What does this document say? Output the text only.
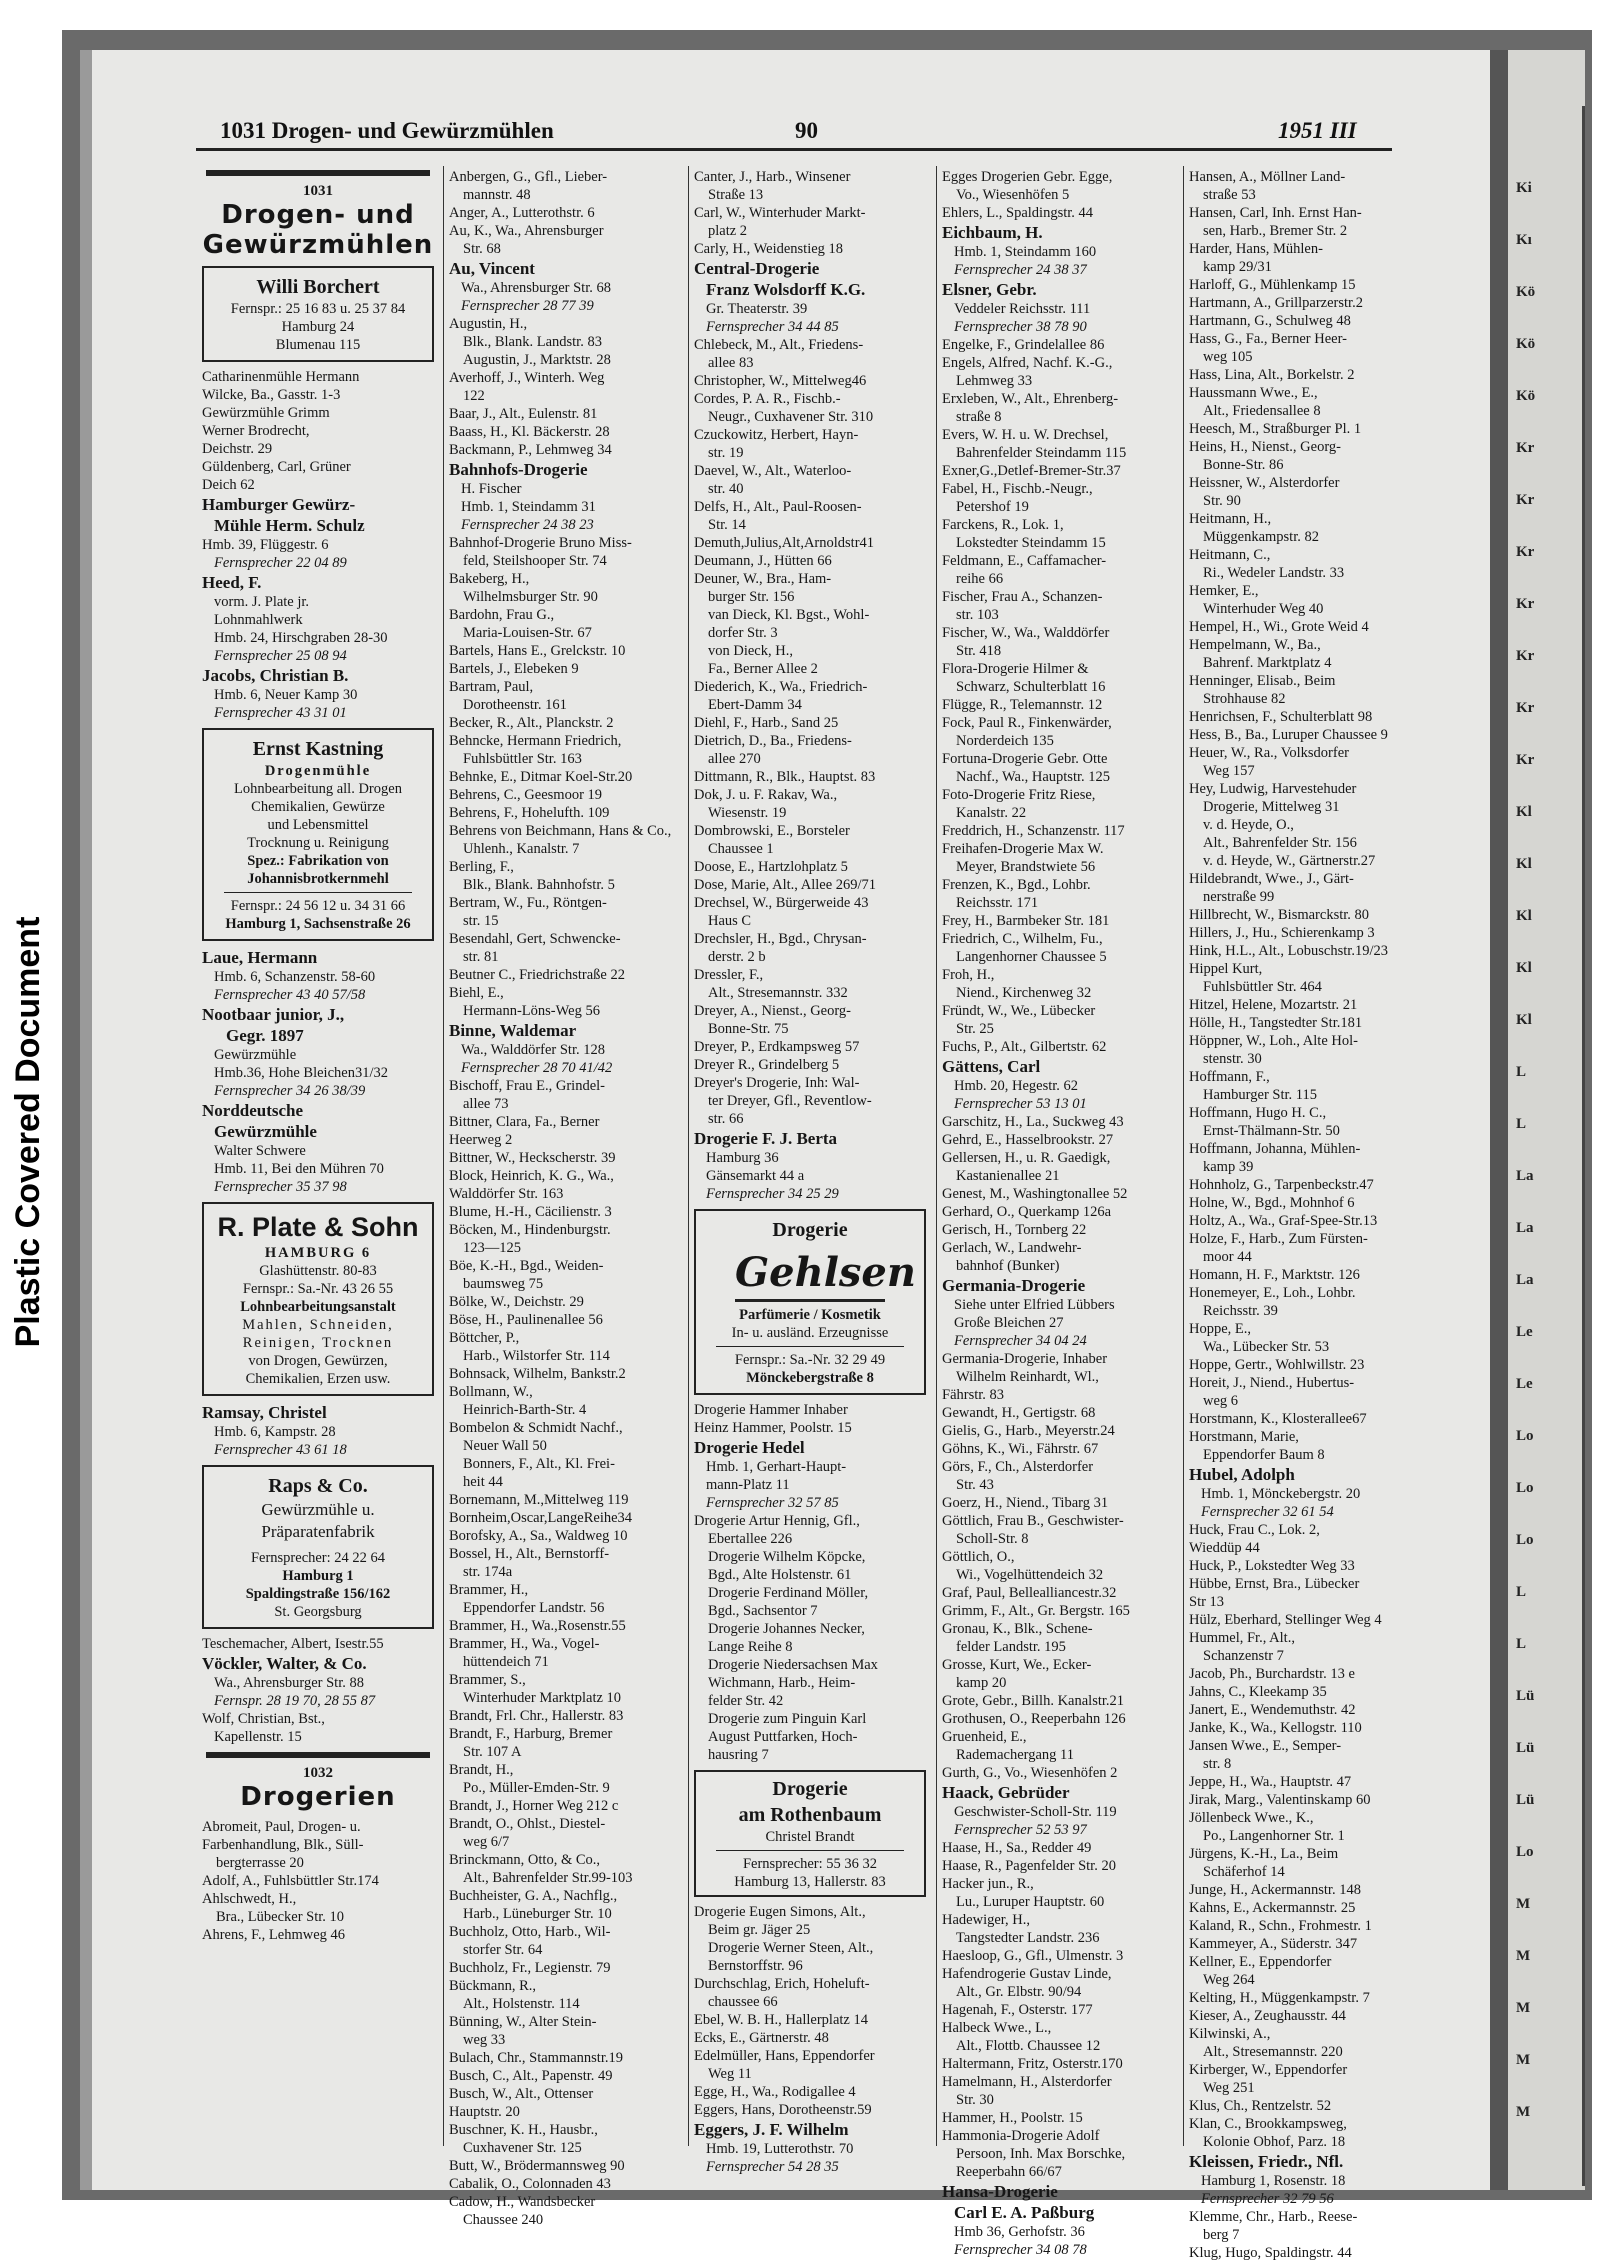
Plastic Covered Document
Ki
Kı
Kö
Kö
Kö
Kr
Kr
Kr
Kr
Kr
Kr
Kr
Kl
Kl
Kl
Kl
Kl
L
L
La
La
La
Le
Le
Lo
Lo
Lo
L
L
Lü
Lü
Lü
Lo
M
M
M
M
M
1031 Drogen- und Gewürzmühlen	90	1951 III
1031
Drogen- und Gewürzmühlen
Willi Borchert
Fernspr.: 25 16 83 u. 25 37 84
Hamburg 24
Blumenau 115
Catharinenmühle Hermann
Wilcke, Ba., Gasstr. 1-3
Gewürzmühle Grimm
Werner Brodrecht,
Deichstr. 29
Güldenberg, Carl, Grüner
Deich 62
Hamburger Gewürz-
Mühle Herm. Schulz
Hmb. 39, Flüggestr. 6
Fernsprecher 22 04 89
Heed, F.
vorm. J. Plate jr.
Lohnmahlwerk
Hmb. 24, Hirschgraben 28-30
Fernsprecher 25 08 94
Jacobs, Christian B.
Hmb. 6, Neuer Kamp 30
Fernsprecher 43 31 01
Ernst Kastning
Drogenmühle
Lohnbearbeitung all. Drogen
Chemikalien, Gewürze
und Lebensmittel
Trocknung u. Reinigung
Spez.: Fabrikation von
Johannisbrotkernmehl
Fernspr.: 24 56 12 u. 34 31 66
Hamburg 1, Sachsenstraße 26
Laue, Hermann
Hmb. 6, Schanzenstr. 58-60
Fernsprecher 43 40 57/58
Nootbaar junior, J.,
Gegr. 1897
Gewürzmühle
Hmb.36, Hohe Bleichen31/32
Fernsprecher 34 26 38/39
Norddeutsche
Gewürzmühle
Walter Schwere
Hmb. 11, Bei den Mühren 70
Fernsprecher 35 37 98
R. Plate & Sohn
HAMBURG 6
Glashüttenstr. 80-83
Fernspr.: Sa.-Nr. 43 26 55
Lohnbearbeitungsanstalt
Mahlen, Schneiden,
Reinigen, Trocknen
von Drogen, Gewürzen,
Chemikalien, Erzen usw.
Ramsay, Christel
Hmb. 6, Kampstr. 28
Fernsprecher 43 61 18
Raps & Co.
Gewürzmühle u.
Präparatenfabrik
Fernsprecher: 24 22 64
Hamburg 1
Spaldingstraße 156/162
St. Georgsburg
Teschemacher, Albert, Isestr.55
Vöckler, Walter, & Co.
Wa., Ahrensburger Str. 88
Fernspr. 28 19 70, 28 55 87
Wolf, Christian, Bst.,
Kapellenstr. 15
1032
Drogerien
Abromeit, Paul, Drogen- u.
Farbenhandlung, Blk., Süll-
bergterrasse 20
Adolf, A., Fuhlsbüttler Str.174
Ahlschwedt, H.,
Bra., Lübecker Str. 10
Ahrens, F., Lehmweg 46
Anbergen, G., Gfl., Lieber-
mannstr. 48
Anger, A., Lutterothstr. 6
Au, K., Wa., Ahrensburger
Str. 68
Au, Vincent
Wa., Ahrensburger Str. 68
Fernsprecher 28 77 39
Augustin, H.,
Blk., Blank. Landstr. 83
Augustin, J., Marktstr. 28
Averhoff, J., Winterh. Weg
122
Baar, J., Alt., Eulenstr. 81
Baass, H., Kl. Bäckerstr. 28
Backmann, P., Lehmweg 34
Bahnhofs-Drogerie
H. Fischer
Hmb. 1, Steindamm 31
Fernsprecher 24 38 23
Bahnhof-Drogerie Bruno Miss-
feld, Steilshooper Str. 74
Bakeberg, H.,
Wilhelmsburger Str. 90
Bardohn, Frau G.,
Maria-Louisen-Str. 67
Bartels, Hans E., Grelckstr. 10
Bartels, J., Elebeken 9
Bartram, Paul,
Dorotheenstr. 161
Becker, R., Alt., Planckstr. 2
Behncke, Hermann Friedrich,
Fuhlsbüttler Str. 163
Behnke, E., Ditmar Koel-Str.20
Behrens, C., Geesmoor 19
Behrens, F., Hohelufth. 109
Behrens von Beichmann, Hans & Co.,
Uhlenh., Kanalstr. 7
Berling, F.,
Blk., Blank. Bahnhofstr. 5
Bertram, W., Fu., Röntgen-
str. 15
Besendahl, Gert, Schwencke-
str. 81
Beutner C., Friedrichstraße 22
Biehl, E.,
Hermann-Löns-Weg 56
Binne, Waldemar
Wa., Walddörfer Str. 128
Fernsprecher 28 70 41/42
Bischoff, Frau E., Grindel-
allee 73
Bittner, Clara, Fa., Berner
Heerweg 2
Bittner, W., Heckscherstr. 39
Block, Heinrich, K. G., Wa.,
Walddörfer Str. 163
Blume, H.-H., Cäcilienstr. 3
Böcken, M., Hindenburgstr.
123—125
Böe, K.-H., Bgd., Weiden-
baumsweg 75
Bölke, W., Deichstr. 29
Böse, H., Paulinenallee 56
Böttcher, P.,
Harb., Wilstorfer Str. 114
Bohnsack, Wilhelm, Bankstr.2
Bollmann, W.,
Heinrich-Barth-Str. 4
Bombelon & Schmidt Nachf.,
Neuer Wall 50
Bonners, F., Alt., Kl. Frei-
heit 44
Bornemann, M.,Mittelweg 119
Bornheim,Oscar,LangeReihe34
Borofsky, A., Sa., Waldweg 10
Bossel, H., Alt., Bernstorff-
str. 174a
Brammer, H.,
Eppendorfer Landstr. 56
Brammer, H., Wa.,Rosenstr.55
Brammer, H., Wa., Vogel-
hüttendeich 71
Brammer, S.,
Winterhuder Marktplatz 10
Brandt, Frl. Chr., Hallerstr. 83
Brandt, F., Harburg, Bremer
Str. 107 A
Brandt, H.,
Po., Müller-Emden-Str. 9
Brandt, J., Horner Weg 212 c
Brandt, O., Ohlst., Diestel-
weg 6/7
Brinckmann, Otto, & Co.,
Alt., Bahrenfelder Str.99-103
Buchheister, G. A., Nachflg.,
Harb., Lüneburger Str. 10
Buchholz, Otto, Harb., Wil-
storfer Str. 64
Buchholz, Fr., Legienstr. 79
Bückmann, R.,
Alt., Holstenstr. 114
Bünning, W., Alter Stein-
weg 33
Bulach, Chr., Stammannstr.19
Busch, C., Alt., Papenstr. 49
Busch, W., Alt., Ottenser
Hauptstr. 20
Buschner, K. H., Hausbr.,
Cuxhavener Str. 125
Butt, W., Brödermannsweg 90
Cabalik, O., Colonnaden 43
Cadow, H., Wandsbecker
Chaussee 240
Canter, J., Harb., Winsener
Straße 13
Carl, W., Winterhuder Markt-
platz 2
Carly, H., Weidenstieg 18
Central-Drogerie
Franz Wolsdorff K.G.
Gr. Theaterstr. 39
Fernsprecher 34 44 85
Chlebeck, M., Alt., Friedens-
allee 83
Christopher, W., Mittelweg46
Cordes, P. A. R., Fischb.-
Neugr., Cuxhavener Str. 310
Czuckowitz, Herbert, Hayn-
str. 19
Daevel, W., Alt., Waterloo-
str. 40
Delfs, H., Alt., Paul-Roosen-
Str. 14
Demuth,Julius,Alt,Arnoldstr41
Deumann, J., Hütten 66
Deuner, W., Bra., Ham-
burger Str. 156
van Dieck, Kl. Bgst., Wohl-
dorfer Str. 3
von Dieck, H.,
Fa., Berner Allee 2
Diederich, K., Wa., Friedrich-
Ebert-Damm 34
Diehl, F., Harb., Sand 25
Dietrich, D., Ba., Friedens-
allee 270
Dittmann, R., Blk., Hauptst. 83
Dok, J. u. F. Rakav, Wa.,
Wiesenstr. 19
Dombrowski, E., Borsteler
Chaussee 1
Doose, E., Hartzlohplatz 5
Dose, Marie, Alt., Allee 269/71
Drechsel, W., Bürgerweide 43
Haus C
Drechsler, H., Bgd., Chrysan-
derstr. 2 b
Dressler, F.,
Alt., Stresemannstr. 332
Dreyer, A., Nienst., Georg-
Bonne-Str. 75
Dreyer, P., Erdkampsweg 57
Dreyer R., Grindelberg 5
Dreyer's Drogerie, Inh: Wal-
ter Dreyer, Gfl., Reventlow-
str. 66
Drogerie F. J. Berta
Hamburg 36
Gänsemarkt 44 a
Fernsprecher 34 25 29
Drogerie
Gehlsen
Parfümerie / Kosmetik
In- u. ausländ. Erzeugnisse
Fernspr.: Sa.-Nr. 32 29 49
Mönckebergstraße 8
Drogerie Hammer Inhaber
Heinz Hammer, Poolstr. 15
Drogerie Hedel
Hmb. 1, Gerhart-Haupt-
mann-Platz 11
Fernsprecher 32 57 85
Drogerie Artur Hennig, Gfl.,
Ebertallee 226
Drogerie Wilhelm Köpcke,
Bgd., Alte Holstenstr. 61
Drogerie Ferdinand Möller,
Bgd., Sachsentor 7
Drogerie Johannes Necker,
Lange Reihe 8
Drogerie Niedersachsen Max
Wichmann, Harb., Heim-
felder Str. 42
Drogerie zum Pinguin Karl
August Puttfarken, Hoch-
hausring 7
Drogerie
am Rothenbaum
Christel Brandt
Fernsprecher: 55 36 32
Hamburg 13, Hallerstr. 83
Drogerie Eugen Simons, Alt.,
Beim gr. Jäger 25
Drogerie Werner Steen, Alt.,
Bernstorffstr. 96
Durchschlag, Erich, Hoheluft-
chaussee 66
Ebel, W. B. H., Hallerplatz 14
Ecks, E., Gärtnerstr. 48
Edelmüller, Hans, Eppendorfer
Weg 11
Egge, H., Wa., Rodigallee 4
Eggers, Hans, Dorotheenstr.59
Eggers, J. F. Wilhelm
Hmb. 19, Lutterothstr. 70
Fernsprecher 54 28 35
Egges Drogerien Gebr. Egge,
Vo., Wiesenhöfen 5
Ehlers, L., Spaldingstr. 44
Eichbaum, H.
Hmb. 1, Steindamm 160
Fernsprecher 24 38 37
Elsner, Gebr.
Veddeler Reichsstr. 111
Fernsprecher 38 78 90
Engelke, F., Grindelallee 86
Engels, Alfred, Nachf. K.-G.,
Lehmweg 33
Erxleben, W., Alt., Ehrenberg-
straße 8
Evers, W. H. u. W. Drechsel,
Bahrenfelder Steindamm 115
Exner,G.,Detlef-Bremer-Str.37
Fabel, H., Fischb.-Neugr.,
Petershof 19
Farckens, R., Lok. 1,
Lokstedter Steindamm 15
Feldmann, E., Caffamacher-
reihe 66
Fischer, Frau A., Schanzen-
str. 103
Fischer, W., Wa., Walddörfer
Str. 418
Flora-Drogerie Hilmer &
Schwarz, Schulterblatt 16
Flügge, R., Telemannstr. 12
Fock, Paul R., Finkenwärder,
Norderdeich 135
Fortuna-Drogerie Gebr. Otte
Nachf., Wa., Hauptstr. 125
Foto-Drogerie Fritz Riese,
Kanalstr. 22
Freddrich, H., Schanzenstr. 117
Freihafen-Drogerie Max W.
Meyer, Brandstwiete 56
Frenzen, K., Bgd., Lohbr.
Reichsstr. 171
Frey, H., Barmbeker Str. 181
Friedrich, C., Wilhelm, Fu.,
Langenhorner Chaussee 5
Froh, H.,
Niend., Kirchenweg 32
Fründt, W., We., Lübecker
Str. 25
Fuchs, P., Alt., Gilbertstr. 62
Gättens, Carl
Hmb. 20, Hegestr. 62
Fernsprecher 53 13 01
Garschitz, H., La., Suckweg 43
Gehrd, E., Hasselbrookstr. 27
Gellersen, H., u. R. Gaedigk,
Kastanienallee 21
Genest, M., Washingtonallee 52
Gerhard, O., Querkamp 126a
Gerisch, H., Tornberg 22
Gerlach, W., Landwehr-
bahnhof (Bunker)
Germania-Drogerie
Siehe unter Elfried Lübbers
Große Bleichen 27
Fernsprecher 34 04 24
Germania-Drogerie, Inhaber
Wilhelm Reinhardt, Wl.,
Fährstr. 83
Gewandt, H., Gertigstr. 68
Gielis, G., Harb., Meyerstr.24
Göhns, K., Wi., Fährstr. 67
Görs, F., Ch., Alsterdorfer
Str. 43
Goerz, H., Niend., Tibarg 31
Göttlich, Frau B., Geschwister-
Scholl-Str. 8
Göttlich, O.,
Wi., Vogelhüttendeich 32
Graf, Paul, Bellealliancestr.32
Grimm, F., Alt., Gr. Bergstr. 165
Gronau, K., Blk., Schene-
felder Landstr. 195
Grosse, Kurt, We., Ecker-
kamp 20
Grote, Gebr., Billh. Kanalstr.21
Grothusen, O., Reeperbahn 126
Gruenheid, E.,
Rademachergang 11
Gurth, G., Vo., Wiesenhöfen 2
Haack, Gebrüder
Geschwister-Scholl-Str. 119
Fernsprecher 52 53 97
Haase, H., Sa., Redder 49
Haase, R., Pagenfelder Str. 20
Hacker jun., R.,
Lu., Luruper Hauptstr. 60
Hadewiger, H.,
Tangstedter Landstr. 236
Haesloop, G., Gfl., Ulmenstr. 3
Hafendrogerie Gustav Linde,
Alt., Gr. Elbstr. 90/94
Hagenah, F., Osterstr. 177
Halbeck Wwe., L.,
Alt., Flottb. Chaussee 12
Haltermann, Fritz, Osterstr.170
Hamelmann, H., Alsterdorfer
Str. 30
Hammer, H., Poolstr. 15
Hammonia-Drogerie Adolf
Persoon, Inh. Max Borschke,
Reeperbahn 66/67
Hansa-Drogerie
Carl E. A. Paßburg
Hmb 36, Gerhofstr. 36
Fernsprecher 34 08 78
Hansen, A., Möllner Land-
straße 53
Hansen, Carl, Inh. Ernst Han-
sen, Harb., Bremer Str. 2
Harder, Hans, Mühlen-
kamp 29/31
Harloff, G., Mühlenkamp 15
Hartmann, A., Grillparzerstr.2
Hartmann, G., Schulweg 48
Hass, G., Fa., Berner Heer-
weg 105
Hass, Lina, Alt., Borkelstr. 2
Haussmann Wwe., E.,
Alt., Friedensallee 8
Heesch, M., Straßburger Pl. 1
Heins, H., Nienst., Georg-
Bonne-Str. 86
Heissner, W., Alsterdorfer
Str. 90
Heitmann, H.,
Müggenkampstr. 82
Heitmann, C.,
Ri., Wedeler Landstr. 33
Hemker, E.,
Winterhuder Weg 40
Hempel, H., Wi., Grote Weid 4
Hempelmann, W., Ba.,
Bahrenf. Marktplatz 4
Henninger, Elisab., Beim
Strohhause 82
Henrichsen, F., Schulterblatt 98
Hess, B., Ba., Luruper Chaussee 9
Heuer, W., Ra., Volksdorfer
Weg 157
Hey, Ludwig, Harvestehuder
Drogerie, Mittelweg 31
v. d. Heyde, O.,
Alt., Bahrenfelder Str. 156
v. d. Heyde, W., Gärtnerstr.27
Hildebrandt, Wwe., J., Gärt-
nerstraße 99
Hillbrecht, W., Bismarckstr. 80
Hillers, J., Hu., Schierenkamp 3
Hink, H.L., Alt., Lobuschstr.19/23
Hippel Kurt,
Fuhlsbüttler Str. 464
Hitzel, Helene, Mozartstr. 21
Hölle, H., Tangstedter Str.181
Höppner, W., Loh., Alte Hol-
stenstr. 30
Hoffmann, F.,
Hamburger Str. 115
Hoffmann, Hugo H. C.,
Ernst-Thälmann-Str. 50
Hoffmann, Johanna, Mühlen-
kamp 39
Hohnholz, G., Tarpenbeckstr.47
Holne, W., Bgd., Mohnhof 6
Holtz, A., Wa., Graf-Spee-Str.13
Holze, F., Harb., Zum Fürsten-
moor 44
Homann, H. F., Marktstr. 126
Honemeyer, E., Loh., Lohbr.
Reichsstr. 39
Hoppe, E.,
Wa., Lübecker Str. 53
Hoppe, Gertr., Wohlwillstr. 23
Horeit, J., Niend., Hubertus-
weg 6
Horstmann, K., Klosterallee67
Horstmann, Marie,
Eppendorfer Baum 8
Hubel, Adolph
Hmb. 1, Mönckebergstr. 20
Fernsprecher 32 61 54
Huck, Frau C., Lok. 2,
Wieddüp 44
Huck, P., Lokstedter Weg 33
Hübbe, Ernst, Bra., Lübecker
Str 13
Hülz, Eberhard, Stellinger Weg 4
Hummel, Fr., Alt.,
Schanzenstr 7
Jacob, Ph., Burchardstr. 13 e
Jahns, C., Kleekamp 35
Janert, E., Wendemuthstr. 42
Janke, K., Wa., Kellogstr. 110
Jansen Wwe., E., Semper-
str. 8
Jeppe, H., Wa., Hauptstr. 47
Jirak, Marg., Valentinskamp 60
Jöllenbeck Wwe., K.,
Po., Langenhorner Str. 1
Jürgens, K.-H., La., Beim
Schäferhof 14
Junge, H., Ackermannstr. 148
Kahns, E., Ackermannstr. 25
Kaland, R., Schn., Frohmestr. 1
Kammeyer, A., Süderstr. 347
Kellner, E., Eppendorfer
Weg 264
Kelting, H., Müggenkampstr. 7
Kieser, A., Zeughausstr. 44
Kilwinski, A.,
Alt., Stresemannstr. 220
Kirberger, W., Eppendorfer
Weg 251
Klus, Ch., Rentzelstr. 52
Klan, C., Brookkampsweg,
Kolonie Obhof, Parz. 18
Kleissen, Friedr., Nfl.
Hamburg 1, Rosenstr. 18
Fernsprecher 32 79 56
Klemme, Chr., Harb., Reese-
berg 7
Klug, Hugo, Spaldingstr. 44
